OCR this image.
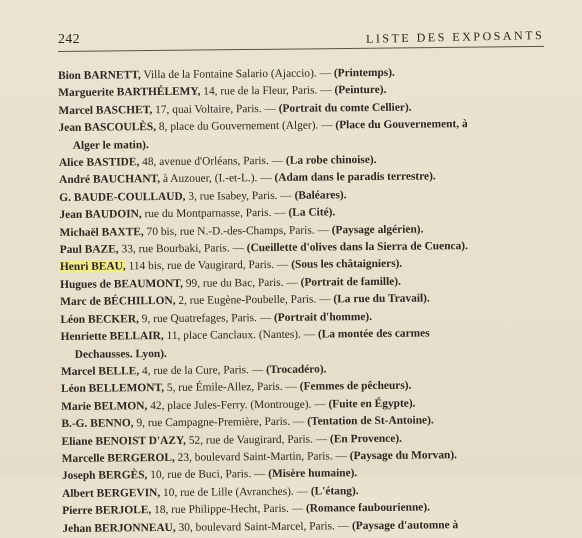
242	LISTE DES EXPOSANTS
Bion BARNETT, Villa de la Fontaine Salario (Ajaccio). — (Printemps).
Marguerite BARTHÉLEMY, 14, rue de la Fleur, Paris. — (Peinture).
Marcel BASCHET, 17, quai Voltaire, Paris. — (Portrait du comte Cellier).
Jean BASCOULÈS, 8, place du Gouvernement (Alger). — (Place du Gouvernement, à
Alger le matin).
Alice BASTIDE, 48, avenue d'Orléans, Paris. — (La robe chinoise).
André BAUCHANT, à Auzouer, (I.-et-L.). — (Adam dans le paradis terrestre).
G. BAUDE-COULLAUD, 3, rue Isabey, Paris. — (Baléares).
Jean BAUDOIN, rue du Montparnasse, Paris. — (La Cité).
Michaël BAXTE, 70 bis, rue N.-D.-des-Champs, Paris. — (Paysage algérien).
Paul BAZE, 33, rue Bourbaki, Paris. — (Cueillette d'olives dans la Sierra de Cuenca).
Henri BEAU, 114 bis, rue de Vaugirard, Paris. — (Sous les châtaigniers).
Hugues de BEAUMONT, 99, rue du Bac, Paris. — (Portrait de famille).
Marc de BÉCHILLON, 2, rue Eugène-Poubelle, Paris. — (La rue du Travail).
Léon BECKER, 9, rue Quatrefages, Paris. — (Portrait d'homme).
Henriette BELLAIR, 11, place Canclaux. (Nantes). — (La montée des carmes
Dechausses. Lyon).
Marcel BELLE, 4, rue de la Cure, Paris. — (Trocadéro).
Léon BELLEMONT, 5, rue Émile-Allez, Paris. — (Femmes de pêcheurs).
Marie BELMON, 42, place Jules-Ferry. (Montrouge). — (Fuite en Égypte).
B.-G. BENNO, 9, rue Campagne-Première, Paris. — (Tentation de St-Antoine).
Eliane BENOIST D'AZY, 52, rue de Vaugirard, Paris. — (En Provence).
Marcelle BERGEROL, 23, boulevard Saint-Martin, Paris. — (Paysage du Morvan).
Joseph BERGÈS, 10, rue de Buci, Paris. — (Misère humaine).
Albert BERGEVIN, 10, rue de Lille (Avranches). — (L'étang).
Pierre BERJOLE, 18, rue Philippe-Hecht, Paris. — (Romance faubourienne).
Jehan BERJONNEAU, 30, boulevard Saint-Marcel, Paris. — (Paysage d'automne à
